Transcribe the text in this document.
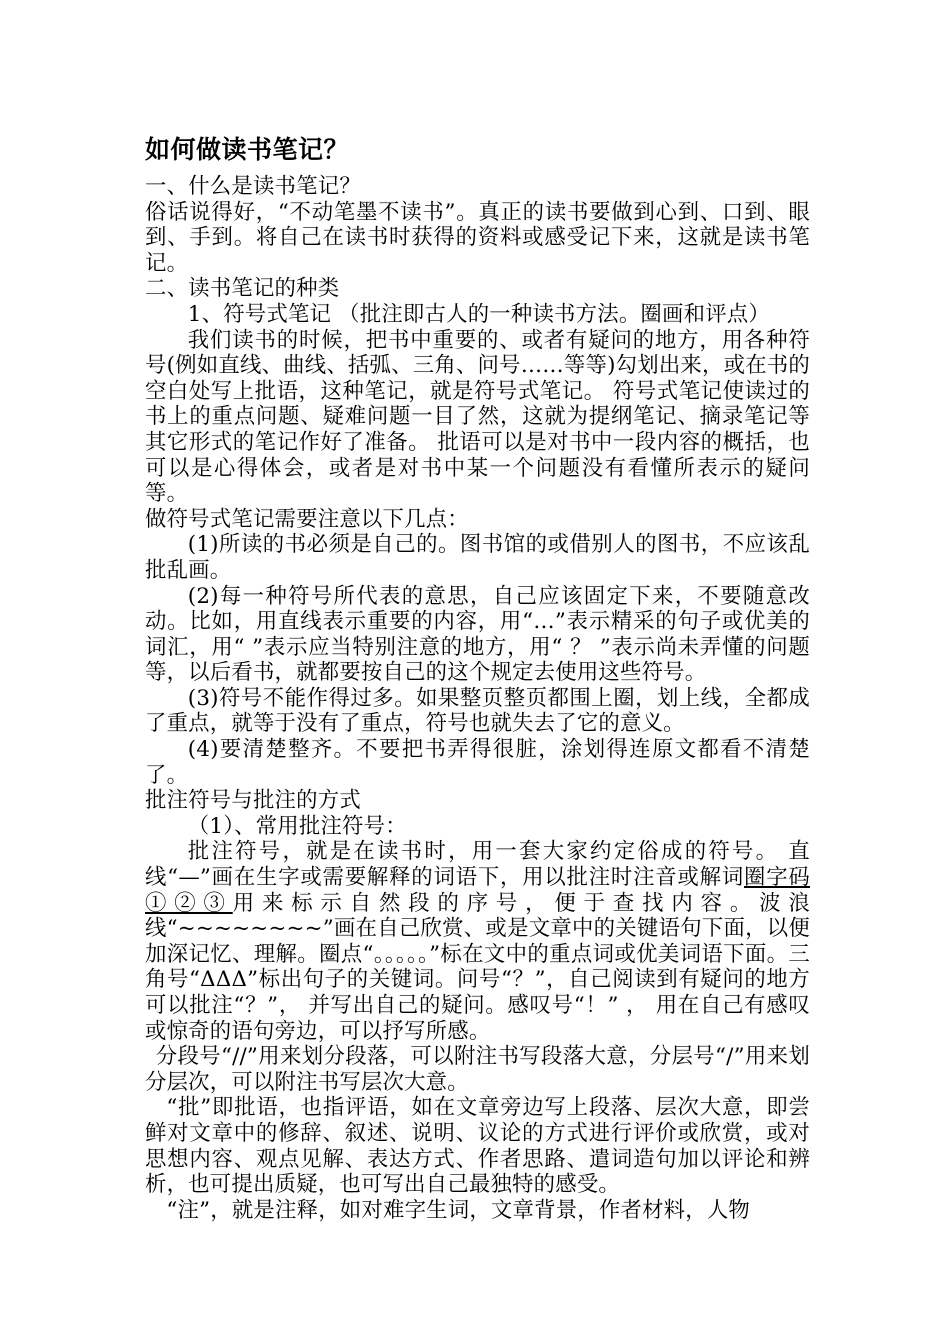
如何做读书笔记？

一、什么是读书笔记？

俗话说得好，“不动笔墨不读书”。真正的读书要做到心到、口到、眼到、手到。将自己在读书时获得的资料或感受记下来，这就是读书笔记。

二、读书笔记的种类

1、符号式笔记 （批注即古人的一种读书方法。圈画和评点）

我们读书的时候，把书中重要的、或者有疑问的地方，用各种符号(例如直线、曲线、括弧、三角、问号……等等)勾划出来，或在书的空白处写上批语，这种笔记，就是符号式笔记。 符号式笔记使读过的书上的重点问题、疑难问题一目了然，这就为提纲笔记、摘录笔记等其它形式的笔记作好了准备。 批语可以是对书中一段内容的概括，也可以是心得体会，或者是对书中某一个问题没有看懂所表示的疑问等。

做符号式笔记需要注意以下几点：

(1)所读的书必须是自己的。图书馆的或借别人的图书，不应该乱批乱画。

(2)每一种符号所代表的意思，自己应该固定下来，不要随意改动。比如，用直线表示重要的内容，用“…”表示精采的句子或优美的词汇，用“ ”表示应当特别注意的地方，用“ ？ ”表示尚未弄懂的问题等，以后看书，就都要按自己的这个规定去使用这些符号。

(3)符号不能作得过多。如果整页整页都围上圈，划上线，全都成了重点，就等于没有了重点，符号也就失去了它的意义。

(4)要清楚整齐。不要把书弄得很脏，涂划得连原文都看不清楚了。

批注符号与批注的方式

（1）、常用批注符号：

批注符号，就是在读书时，用一套大家约定俗成的符号。 直线“—”画在生字或需要解释的词语下，用以批注时注音或解词圈字码①②③用来标示自然段的序号，便于查找内容。波浪线“~~~~~~~~”画在自己欣赏、或是文章中的关键语句下面，以便加深记忆、理解。圈点“。。。。。”标在文中的重点词或优美词语下面。三角号“ΔΔΔ”标出句子的关键词。问号“？”，自己阅读到有疑问的地方可以批注“？”， 并写出自己的疑问。感叹号“！” ， 用在自己有感叹或惊奇的语句旁边，可以抒写所感。

分段号“//”用来划分段落，可以附注书写段落大意，分层号“/”用来划分层次，可以附注书写层次大意。

“批”即批语，也指评语，如在文章旁边写上段落、层次大意，即尝鲜对文章中的修辞、叙述、说明、议论的方式进行评价或欣赏，或对思想内容、观点见解、表达方式、作者思路、遣词造句加以评论和辨析，也可提出质疑，也可写出自己最独特的感受。

“注”，就是注释，如对难字生词，文章背景，作者材料，人物
